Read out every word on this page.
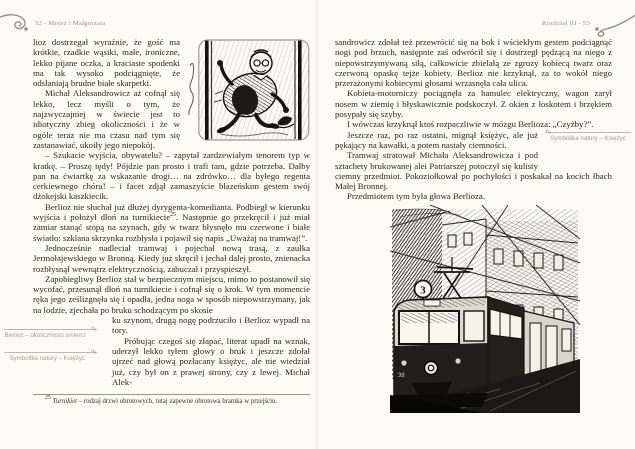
52 - Mistrz i Małgorzata

lioz dostrzegał wyraźnie, że gość ma krótkie, rzadkie wąsiki, małe, ironiczne, lekko pijane oczka, a kraciaste spodenki ma tak wysoko podciągnięte, że odsłaniają brudne białe skarpetki.

Michał Aleksandrowicz aż cofnął się lekko, lecz myśli o tym, że najzwyczajniej w świecie jest to idiotyczny zbieg okoliczności i że w ogóle teraz nie ma czasu nad tym się zastanawiać, ukoiły jego niepokój.

– Szukacie wyjścia, obywatelu? – zapytał zardzewiałym tenorem typ w kratkę. – Proszę tędy! Pójdzie pan prosto i trafi tam, gdzie potrzeba. Dałby pan na ćwiartkę za wskazanie drogi… na zdrówko… dla byłego regenta cerkiewnego chóru! – i facet zdjął zamaszyście błazeńskim gestem swój dżokejski kaszkiecik.

Berlioz nie słuchał już dłużej dyrygenta-komedianta. Podbiegł w kierunku wyjścia i położył dłoń na turnikiecie$^{25}$. Następnie go przekręcił i już miał zamiar stanąć stopą na szynach, gdy w twarz błysnęło mu czerwone i białe światło: szklana skrzynka rozbłysła i pojawił się napis „Uważaj na tramwaj!”.

Jednocześnie nadleciał tramwaj i pojechał nową trasą, z zaułka Jermołajewskiego w Bronną. Kiedy już skręcił i jechał dalej prosto, znienacka rozbłysnął wewnątrz elektrycznością, zabuczał i przyspieszył.

Zapobiegliwy Berlioz stał w bezpiecznym miejscu, mimo to postanowił się wycofać, przesunął dłoń na turnikiecie i cofnął się o krok. W tym momencie ręka jego ześlizgnęła się i opadła, jedna noga w sposób niepowstrzymany, jak na lodzie, zjechała po bruku schodzącym po skosie

ku szynom, drugą nogę podrzuciło i Berlioz wypadł na tory.

Próbując czegoś się złapać, literat upadł na wznak, uderzył lekko tyłem głowy o bruk i jeszcze zdołał ujrzeć nad głową pozłacany księżyc, ale nie wiedział już, czy był on z prawej strony, czy z lewej. Michał Alek-

∿
Berlioz – okoliczności śmierci
∿
Symbolika natury – Księżyc
25 Turnikiet – rodzaj drzwi obrotowych, tutaj zapewne obrotowa bramka w przejściu.
Rozdział III - 53

sandrowicz zdołał też przewrócić się na bok i wściekłym gestem podciągnąć nogi pod brzuch, następnie zaś odwrócił się i dostrzegł pędzącą na niego z niepowstrzymywaną siłą, całkowicie zbielałą ze zgrozy kobiecą twarz oraz czerwoną opaskę tejże kobiety. Berlioz nie krzyknął, za to wokół niego przerażonymi kobiecymi głosami wrzasnęła cała ulica.

Kobieta-motorniczy pociągnęła za hamulec elektryczny, wagon zarył nosem w ziemię i błyskawicznie podskoczył. Z okien z łoskotem i brzękiem posypały się szyby.

I wówczas krzyknął ktoś rozpaczliwie w mózgu Berlioza: „Czyżby?”.

Jeszcze raz, po raz ostatni, mignął księżyc, ale już pękający na kawałki, a potem nastały ciemności.

Tramwaj stratował Michała Aleksandrowicza i pod sztachety brukowanej alei Patriarszej potoczył się kulisty ciemny przedmiot. Pokoziołkował po pochyłości i poskakał na kocich łbach Małej Bronnej.

Przedmiotem tym była głowa Berlioza.

∿
Symbolika natury – Księżyc
3
38
